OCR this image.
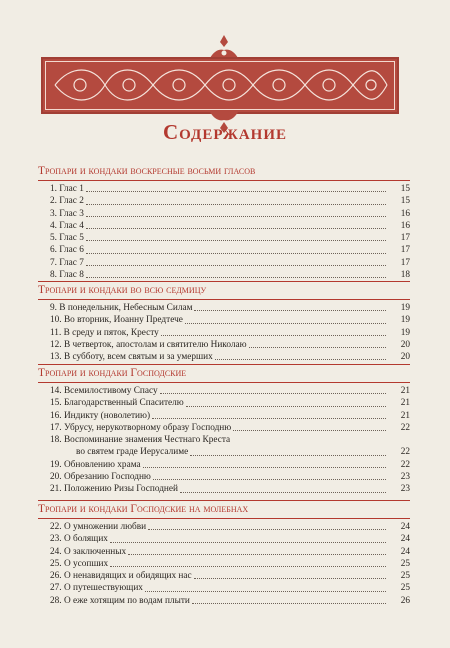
Содержание
Тропари и кондаки воскресные восьми гласов
1. Глас 1	15
2. Глас 2	15
3. Глас 3	16
4. Глас 4	16
5. Глас 5	17
6. Глас 6	17
7. Глас 7	17
8. Глас 8	18
Тропари и кондаки во всю седмицу
9. В понедельник, Небесным Силам	19
10. Во вторник, Иоанну Предтече	19
11. В среду и пяток, Кресту	19
12. В четверток, апостолам и святителю Николаю	20
13. В субботу, всем святым и за умерших	20
Тропари и кондаки Господские
14. Всемилостивому Спасу	21
15. Благодарственный Спасителю	21
16. Индикту (новолетию)	21
17. Убрусу, нерукотворному образу Господню	22
18. Воспоминание знамения Честнаго Креста
во святем граде Иерусалиме	22
19. Обновлению храма	22
20. Обрезанию Господню	23
21. Положению Ризы Господней	23
Тропари и кондаки Господские на молебнах
22. О умножении любви	24
23. О болящих	24
24. О заключенных	24
25. О усопших	25
26. О ненавидящих и обидящих нас	25
27. О путешествующих	25
28. О еже хотящим по водам плыти	26
